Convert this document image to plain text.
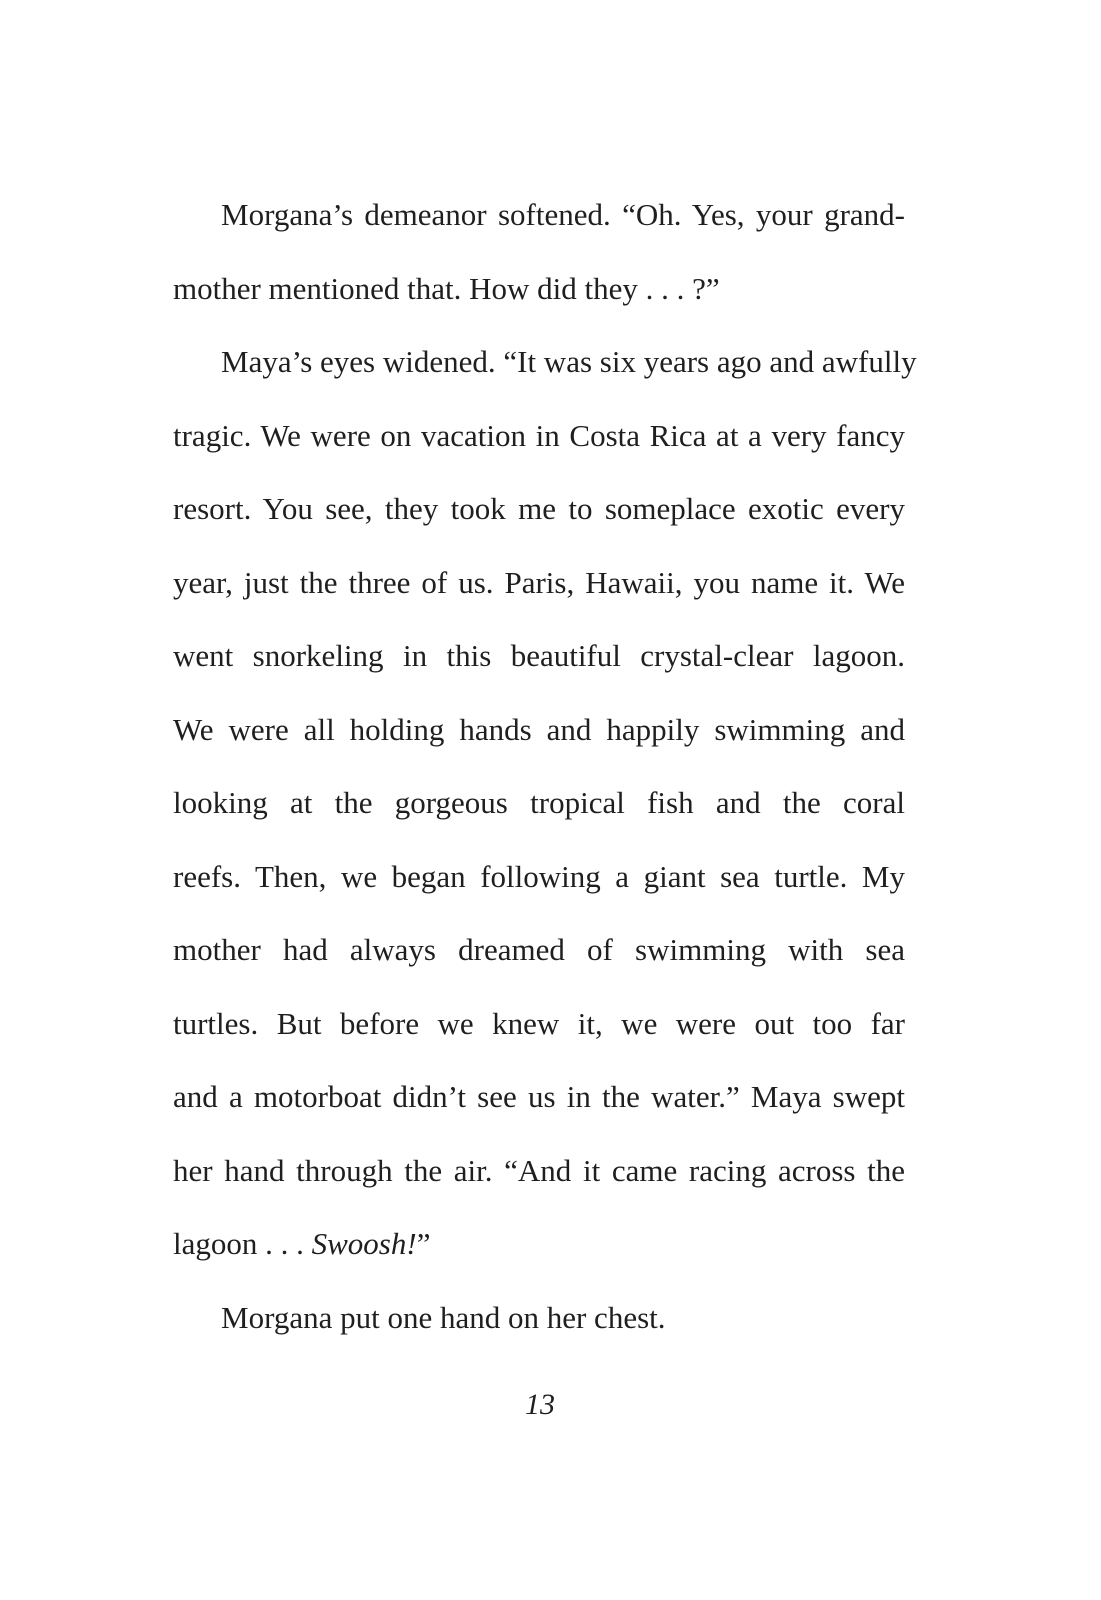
Morgana’s demeanor softened. “Oh. Yes, your grand-

mother mentioned that. How did they . . . ?”

Maya’s eyes widened. “It was six years ago and awfully

tragic. We were on vacation in Costa Rica at a very fancy

resort. You see, they took me to someplace exotic every

year, just the three of us. Paris, Hawaii, you name it. We

went snorkeling in this beautiful crystal-clear lagoon.

We were all holding hands and happily swimming and

looking at the gorgeous tropical fish and the coral

reefs. Then, we began following a giant sea turtle. My

mother had always dreamed of swimming with sea

turtles. But before we knew it, we were out too far

and a motorboat didn’t see us in the water.” Maya swept

her hand through the air. “And it came racing across the

lagoon . . . Swoosh!”

Morgana put one hand on her chest.

13
